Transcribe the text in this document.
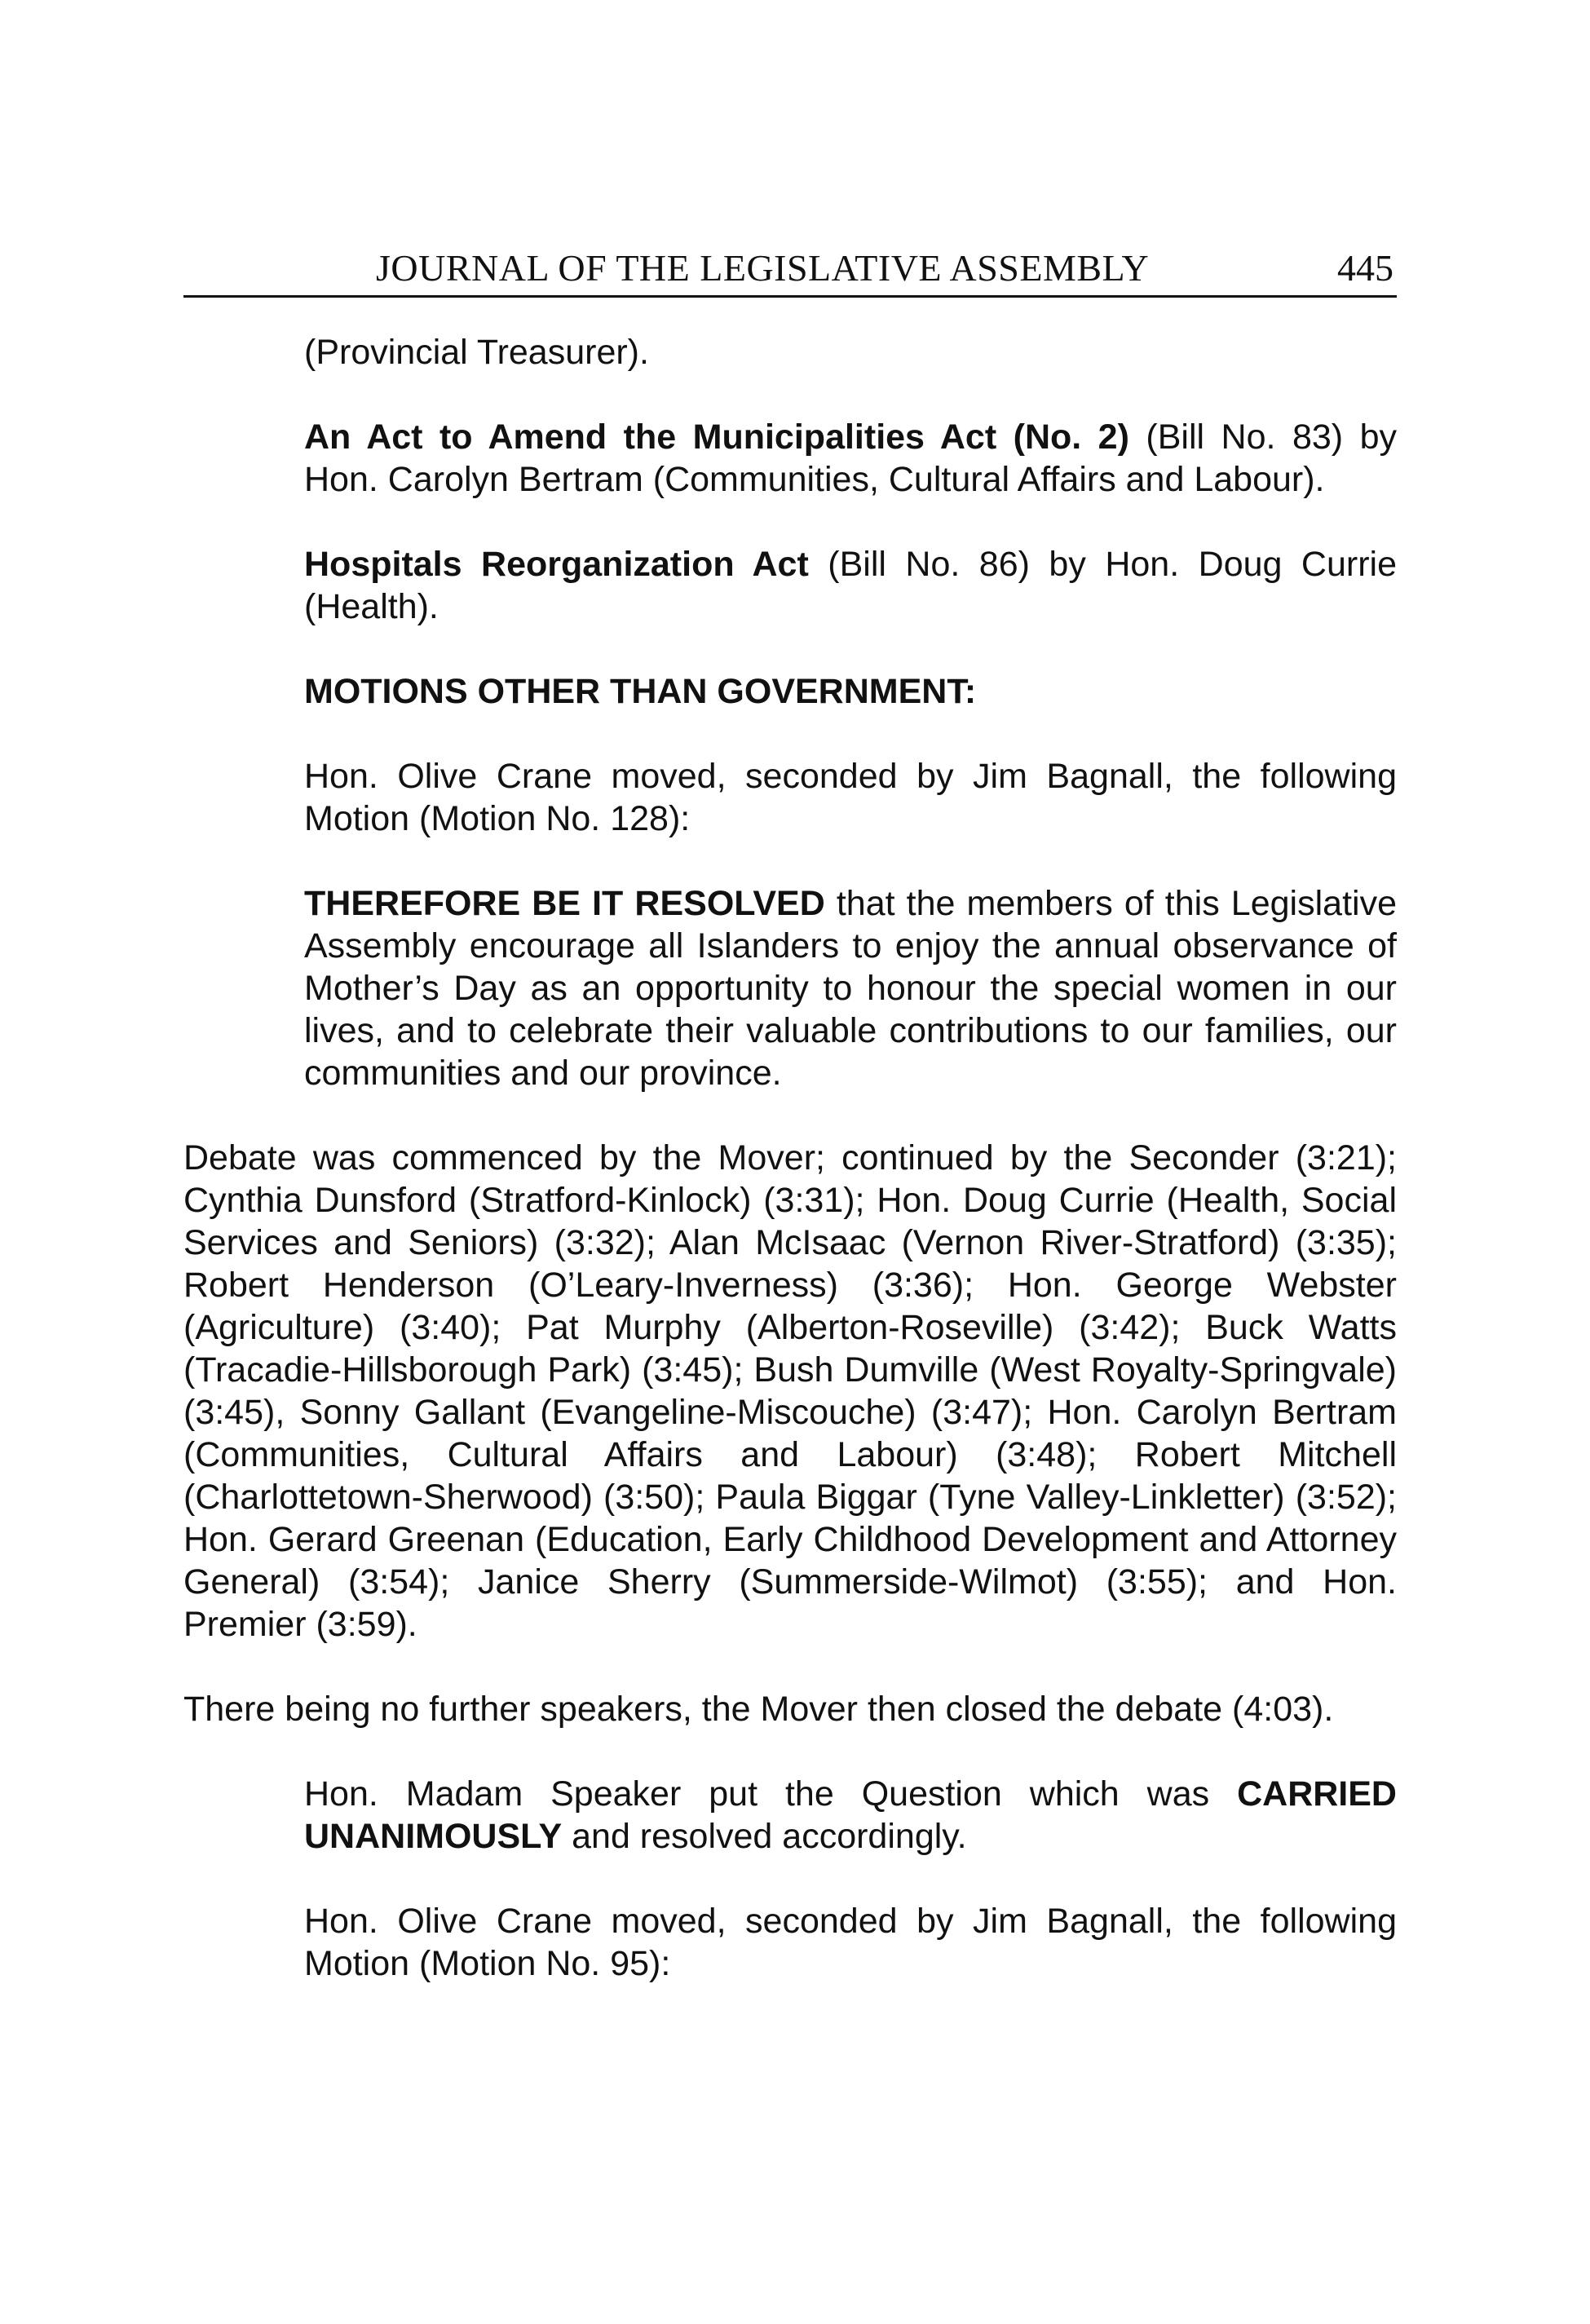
JOURNAL OF THE LEGISLATIVE ASSEMBLY	445

(Provincial Treasurer).

An Act to Amend the Municipalities Act (No. 2) (Bill No. 83) by Hon. Carolyn Bertram (Communities, Cultural Affairs and Labour).

Hospitals Reorganization Act (Bill No. 86) by Hon. Doug Currie (Health).

MOTIONS OTHER THAN GOVERNMENT:

Hon. Olive Crane moved, seconded by Jim Bagnall, the following Motion (Motion No. 128):

THEREFORE BE IT RESOLVED that the members of this Legislative Assembly encourage all Islanders to enjoy the annual observance of Mother’s Day as an opportunity to honour the special women in our lives, and to celebrate their valuable contributions to our families, our communities and our province.

Debate was commenced by the Mover; continued by the Seconder (3:21); Cynthia Dunsford (Stratford-Kinlock) (3:31); Hon. Doug Currie (Health, Social Services and Seniors) (3:32); Alan McIsaac (Vernon River-Stratford) (3:35); Robert Henderson (O’Leary-Inverness) (3:36); Hon. George Webster (Agriculture) (3:40); Pat Murphy (Alberton-Roseville) (3:42); Buck Watts (Tracadie-Hillsborough Park) (3:45); Bush Dumville (West Royalty-Springvale) (3:45), Sonny Gallant (Evangeline-Miscouche) (3:47); Hon. Carolyn Bertram (Communities, Cultural Affairs and Labour) (3:48); Robert Mitchell (Charlottetown-Sherwood) (3:50); Paula Biggar (Tyne Valley-Linkletter) (3:52); Hon. Gerard Greenan (Education, Early Childhood Development and Attorney General) (3:54); Janice Sherry (Summerside-Wilmot) (3:55); and Hon. Premier (3:59).

There being no further speakers, the Mover then closed the debate (4:03).

Hon. Madam Speaker put the Question which was CARRIED UNANIMOUSLY and resolved accordingly.

Hon. Olive Crane moved, seconded by Jim Bagnall, the following Motion (Motion No. 95):
